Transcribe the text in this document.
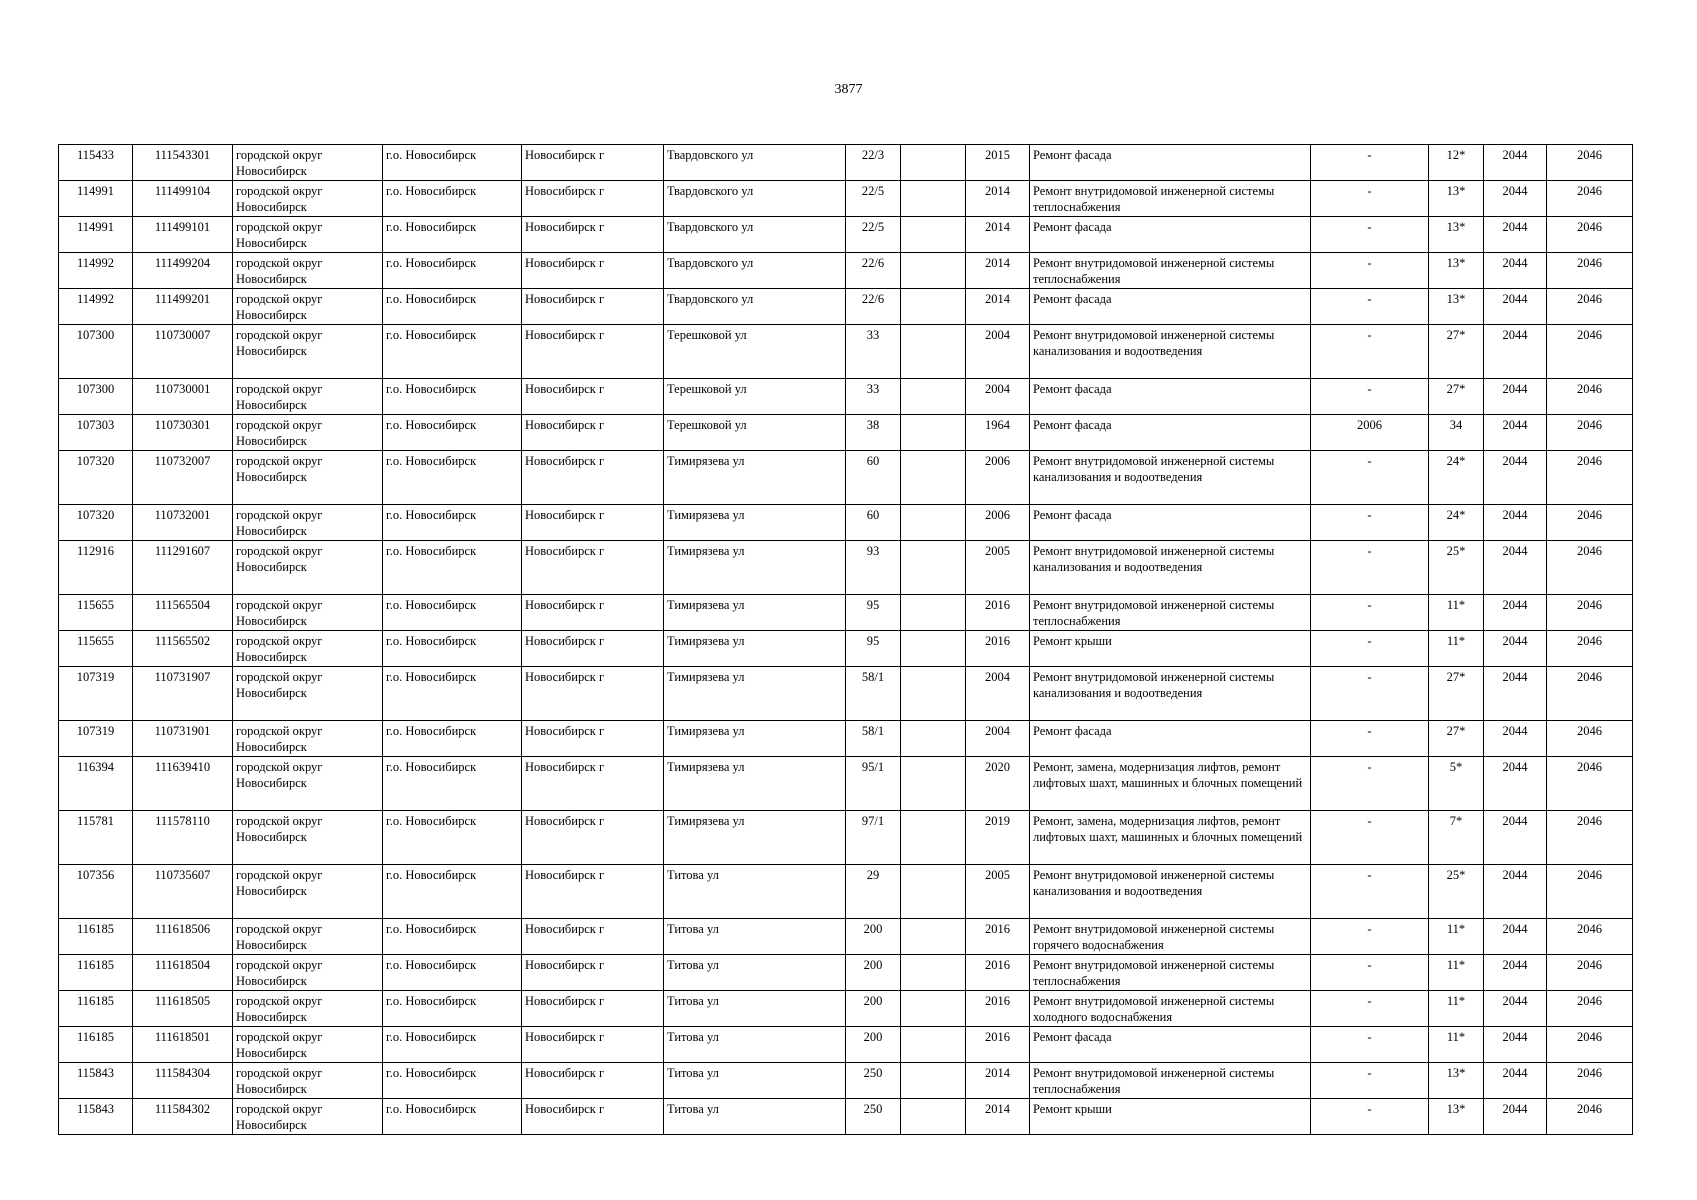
3877
115433	111543301	городской округ Новосибирск	г.о. Новосибирск	Новосибирск г	Твардовского ул	22/3		2015	Ремонт фасада	-	12*	2044	2046
114991	111499104	городской округ Новосибирск	г.о. Новосибирск	Новосибирск г	Твардовского ул	22/5		2014	Ремонт внутридомовой инженерной системы теплоснабжения	-	13*	2044	2046
114991	111499101	городской округ Новосибирск	г.о. Новосибирск	Новосибирск г	Твардовского ул	22/5		2014	Ремонт фасада	-	13*	2044	2046
114992	111499204	городской округ Новосибирск	г.о. Новосибирск	Новосибирск г	Твардовского ул	22/6		2014	Ремонт внутридомовой инженерной системы теплоснабжения	-	13*	2044	2046
114992	111499201	городской округ Новосибирск	г.о. Новосибирск	Новосибирск г	Твардовского ул	22/6		2014	Ремонт фасада	-	13*	2044	2046
107300	110730007	городской округ Новосибирск	г.о. Новосибирск	Новосибирск г	Терешковой ул	33		2004	Ремонт внутридомовой инженерной системы канализования и водоотведения	-	27*	2044	2046
107300	110730001	городской округ Новосибирск	г.о. Новосибирск	Новосибирск г	Терешковой ул	33		2004	Ремонт фасада	-	27*	2044	2046
107303	110730301	городской округ Новосибирск	г.о. Новосибирск	Новосибирск г	Терешковой ул	38		1964	Ремонт фасада	2006	34	2044	2046
107320	110732007	городской округ Новосибирск	г.о. Новосибирск	Новосибирск г	Тимирязева ул	60		2006	Ремонт внутридомовой инженерной системы канализования и водоотведения	-	24*	2044	2046
107320	110732001	городской округ Новосибирск	г.о. Новосибирск	Новосибирск г	Тимирязева ул	60		2006	Ремонт фасада	-	24*	2044	2046
112916	111291607	городской округ Новосибирск	г.о. Новосибирск	Новосибирск г	Тимирязева ул	93		2005	Ремонт внутридомовой инженерной системы канализования и водоотведения	-	25*	2044	2046
115655	111565504	городской округ Новосибирск	г.о. Новосибирск	Новосибирск г	Тимирязева ул	95		2016	Ремонт внутридомовой инженерной системы теплоснабжения	-	11*	2044	2046
115655	111565502	городской округ Новосибирск	г.о. Новосибирск	Новосибирск г	Тимирязева ул	95		2016	Ремонт крыши	-	11*	2044	2046
107319	110731907	городской округ Новосибирск	г.о. Новосибирск	Новосибирск г	Тимирязева ул	58/1		2004	Ремонт внутридомовой инженерной системы канализования и водоотведения	-	27*	2044	2046
107319	110731901	городской округ Новосибирск	г.о. Новосибирск	Новосибирск г	Тимирязева ул	58/1		2004	Ремонт фасада	-	27*	2044	2046
116394	111639410	городской округ Новосибирск	г.о. Новосибирск	Новосибирск г	Тимирязева ул	95/1		2020	Ремонт, замена, модернизация лифтов, ремонт лифтовых шахт, машинных и блочных помещений	-	5*	2044	2046
115781	111578110	городской округ Новосибирск	г.о. Новосибирск	Новосибирск г	Тимирязева ул	97/1		2019	Ремонт, замена, модернизация лифтов, ремонт лифтовых шахт, машинных и блочных помещений	-	7*	2044	2046
107356	110735607	городской округ Новосибирск	г.о. Новосибирск	Новосибирск г	Титова ул	29		2005	Ремонт внутридомовой инженерной системы канализования и водоотведения	-	25*	2044	2046
116185	111618506	городской округ Новосибирск	г.о. Новосибирск	Новосибирск г	Титова ул	200		2016	Ремонт внутридомовой инженерной системы горячего водоснабжения	-	11*	2044	2046
116185	111618504	городской округ Новосибирск	г.о. Новосибирск	Новосибирск г	Титова ул	200		2016	Ремонт внутридомовой инженерной системы теплоснабжения	-	11*	2044	2046
116185	111618505	городской округ Новосибирск	г.о. Новосибирск	Новосибирск г	Титова ул	200		2016	Ремонт внутридомовой инженерной системы холодного водоснабжения	-	11*	2044	2046
116185	111618501	городской округ Новосибирск	г.о. Новосибирск	Новосибирск г	Титова ул	200		2016	Ремонт фасада	-	11*	2044	2046
115843	111584304	городской округ Новосибирск	г.о. Новосибирск	Новосибирск г	Титова ул	250		2014	Ремонт внутридомовой инженерной системы теплоснабжения	-	13*	2044	2046
115843	111584302	городской округ Новосибирск	г.о. Новосибирск	Новосибирск г	Титова ул	250		2014	Ремонт крыши	-	13*	2044	2046
